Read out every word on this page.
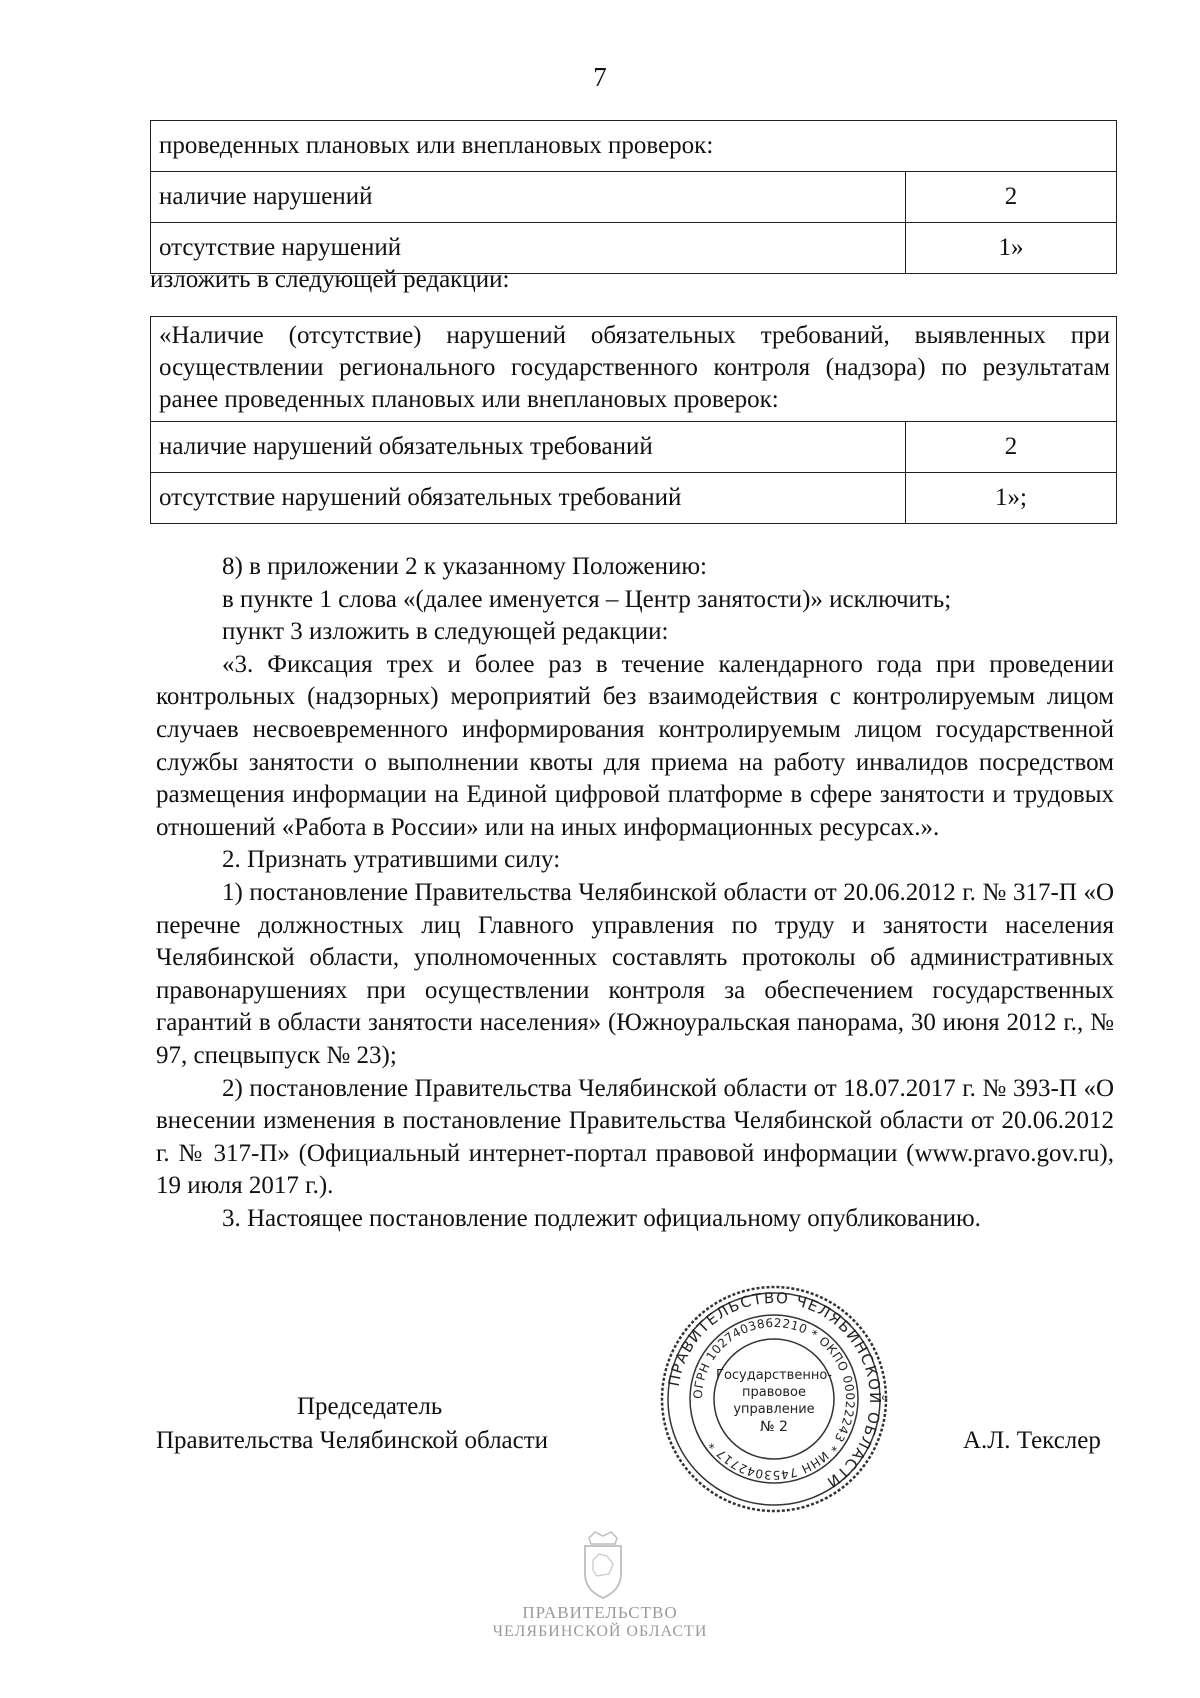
7
проведенных плановых или внеплановых проверок:	
наличие нарушений	2
отсутствие нарушений	1»
изложить в следующей редакции:
«Наличие (отсутствие) нарушений обязательных требований, выявленных при осуществлении регионального государственного контроля (надзора) по результатам ранее проведенных плановых или внеплановых проверок:	
наличие нарушений обязательных требований	2
отсутствие нарушений обязательных требований	1»;

8) в приложении 2 к указанному Положению:

в пункте 1 слова «(далее именуется – Центр занятости)» исключить;

пункт 3 изложить в следующей редакции:

«3. Фиксация трех и более раз в течение календарного года при проведении контрольных (надзорных) мероприятий без взаимодействия с контролируемым лицом случаев несвоевременного информирования контролируемым лицом государственной службы занятости о выполнении квоты для приема на работу инвалидов посредством размещения информации на Единой цифровой платформе в сфере занятости и трудовых отношений «Работа в России» или на иных информационных ресурсах.».

2. Признать утратившими силу:

1) постановление Правительства Челябинской области от 20.06.2012 г. № 317-П «О перечне должностных лиц Главного управления по труду и занятости населения Челябинской области, уполномоченных составлять протоколы об административных правонарушениях при осуществлении контроля за обеспечением государственных гарантий в области занятости населения» (Южноуральская панорама, 30 июня 2012 г., № 97, спецвыпуск № 23);

2) постановление Правительства Челябинской области от 18.07.2017 г. № 393-П «О внесении изменения в постановление Правительства Челябинской области от 20.06.2012 г. № 317-П» (Официальный интернет-портал правовой информации (www.pravo.gov.ru), 19 июля 2017 г.).

3. Настоящее постановление подлежит официальному опубликованию.

Председатель
Правительства Челябинской области	А.Л. Текслер
ПРАВИТЕЛЬСТВО ЧЕЛЯБИНСКОЙ ОБЛАСТИ
ОГРН 1027403862210 * ОКПО 00022243 * ИНН 7453042717 *
Государственно-
правовое
управление
№ 2
ПРАВИТЕЛЬСТВО
ЧЕЛЯБИНСКОЙ ОБЛАСТИ
